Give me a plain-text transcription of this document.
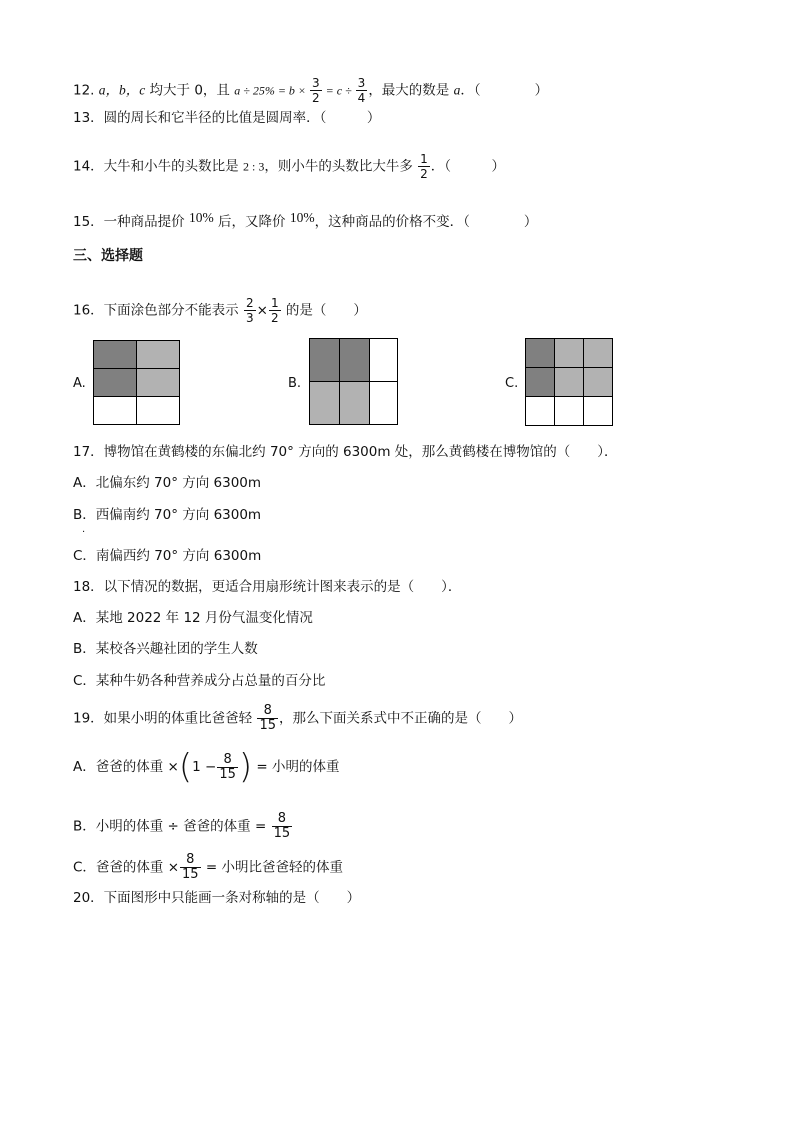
12. a，b，c 均大于 0，且 $a \div 25\% = b \times \frac{3}{2} = c \div \frac{3}{4}$ ，最大的数是 a．（　　　　）
13．圆的周长和它半径的比值是圆周率．（　　　）
14．大牛和小牛的头数比是 2 : 3，则小牛的头数比大牛多 $\frac{1}{2}$ ．（　　　）
15．一种商品提价 10% 后，又降价 10%，这种商品的价格不变．（　　　　）
三、选择题
16．下面涂色部分不能表示 $\frac{2}{3} \times \frac{1}{2}$ 的是（　　）
A.

		B.

			C.

17．博物馆在黄鹤楼的东偏北约 70° 方向的 6300m 处，那么黄鹤楼在博物馆的（　　）．
A．北偏东约 70° 方向 6300m
B．西偏南约 70° 方向 6300m
·
C．南偏西约 70° 方向 6300m
18．以下情况的数据，更适合用扇形统计图来表示的是（　　）．
A．某地 2022 年 12 月份气温变化情况
B．某校各兴趣社团的学生人数
C．某种牛奶各种营养成分占总量的百分比
19．如果小明的体重比爸爸轻 $\frac{8}{15}$ ，那么下面关系式中不正确的是（　　）
A．爸爸的体重 $\times(1 - \frac{8}{15}$ ) = 小明的体重
B．小明的体重 ÷ 爸爸的体重 = $\frac{8}{15}$
C．爸爸的体重 × $\frac{8}{15}$ = 小明比爸爸轻的体重
20．下面图形中只能画一条对称轴的是（　　）
